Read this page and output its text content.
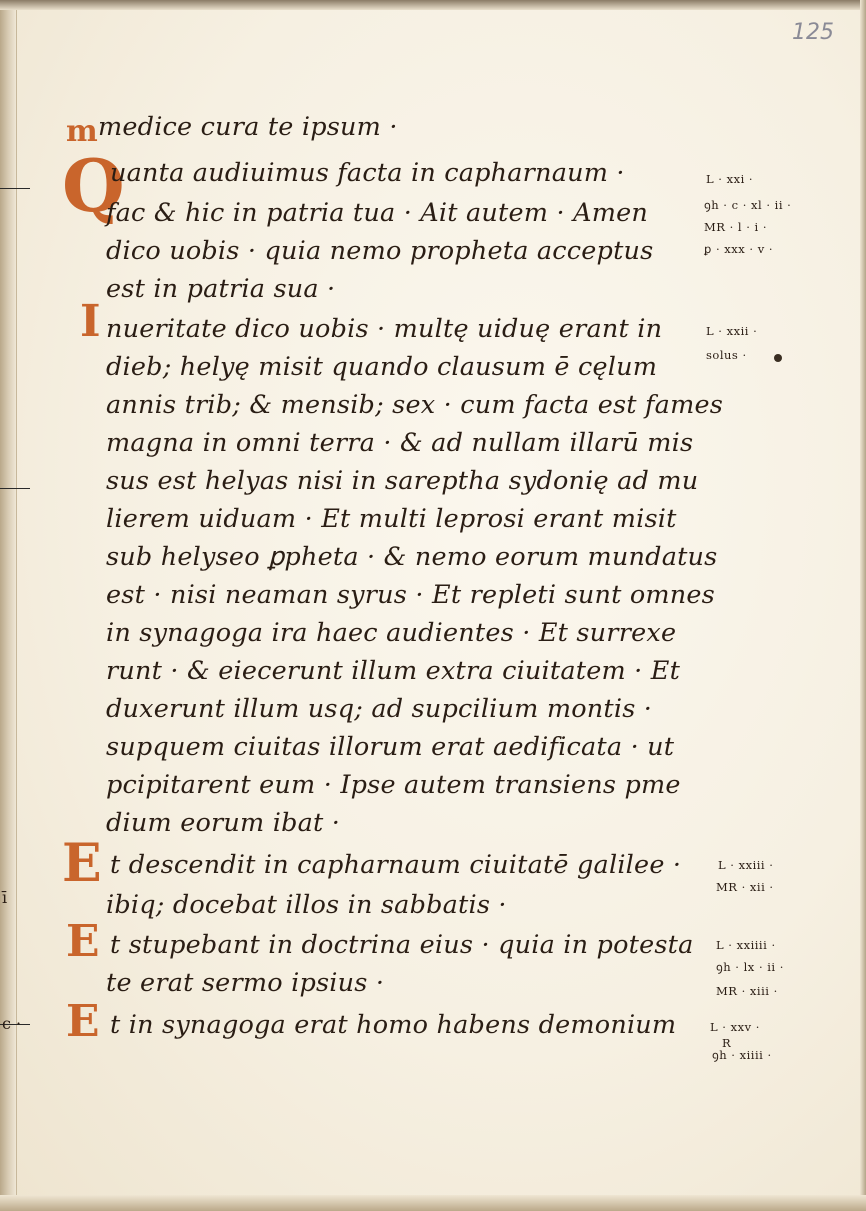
ī
c ·
125
m
Q
I
E
E
E
medice cura te ipsum ·
uanta audiuimus facta in capharnaum ·
fac & hic in patria tua · Ait autem · Amen
dico uobis · quia nemo propheta acceptus
est in patria sua ·
nueritate dico uobis · multę uiduę erant in
dieb; helyę misit quando clausum ē cęlum
annis trib; & mensib; sex · cum facta est fames
magna in omni terra · & ad nullam illarū mis
sus est helyas nisi in sareptha sydonię ad mu
lierem uiduam · Et multi leprosi erant misit
sub helyseo ꝑpheta · & nemo eorum mundatus
est · nisi neaman syrus · Et repleti sunt omnes
in synagoga ira haec audientes · Et surrexe
runt · & eiecerunt illum extra ciuitatem · Et
duxerunt illum usq; ad supcilium montis ·
supquem ciuitas illorum erat aedificata · ut
pcipitarent eum · Ipse autem transiens pme
dium eorum ibat ·
t descendit in capharnaum ciuitatē galilee ·
ibiq; docebat illos in sabbatis ·
t stupebant in doctrina eius · quia in potesta
te erat sermo ipsius ·
t in synagoga erat homo habens demonium
L · xxi ·
ꝯh · c · xl · ii ·
MR · l · i ·
ꝑ · xxx · v ·
L · xxii ·
solus ·
L · xxiii ·
MR · xii ·
L · xxiiii ·
ꝯh · lx · ii ·
MR · xiii ·
L · xxv ·
R
ꝯh · xiiii ·
